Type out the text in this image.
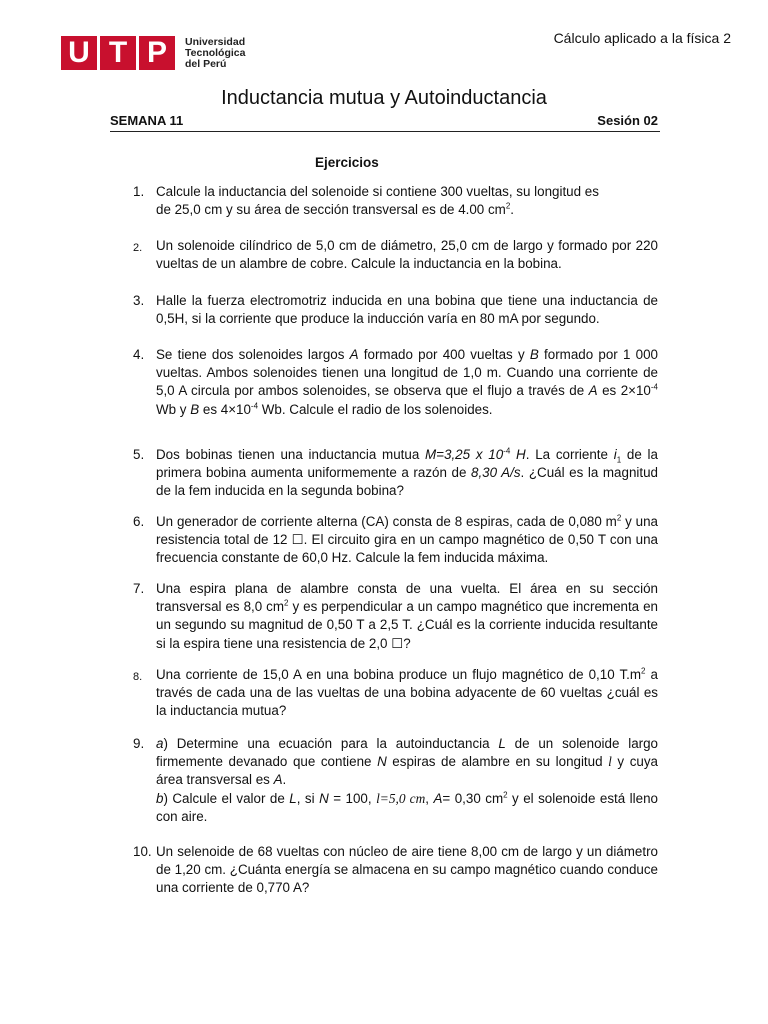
U T P	Universidad
Tecnológica
del Perú
Cálculo aplicado a la física 2
Inductancia mutua y Autoinductancia
SEMANA 11	Sesión 02
Ejercicios
1. Calcule la inductancia del solenoide si contiene 300 vueltas, su longitud es

de 25,0 cm y su área de sección transversal es de 4.00 $cm^2$.

2.	Un solenoide cilíndrico de 5,0 cm de diámetro, 25,0 cm de largo y formado por 220 vueltas de un alambre de cobre. Calcule la inductancia en la bobina.
3. Halle la fuerza electromotriz inducida en una bobina que tiene una inductancia de 0,5H, si la corriente que produce la inducción varía en 80 mA por segundo.
4. Se tiene dos solenoides largos A formado por 400 vueltas y B formado por 1 000 vueltas. Ambos solenoides tienen una longitud de 1,0 m. Cuando una corriente de 5,0 A circula por ambos solenoides, se observa que el flujo a través de A es $2\times 10^{-4}$ Wb y B es $4\times 10^{-4}$ Wb. Calcule el radio de los solenoides.
5. Dos bobinas tienen una inductancia mutua M=3,25 x $10^{-4}$ H. La corriente $i_1$ de la primera bobina aumenta uniformemente a razón de 8,30 A/s. ¿Cuál es la magnitud de la fem inducida en la segunda bobina?
6. Un generador de corriente alterna (CA) consta de 8 espiras, cada de 0,080 $m^2$ y una resistencia total de 12 ☐. El circuito gira en un campo magnético de 0,50 T con una frecuencia constante de 60,0 Hz. Calcule la fem inducida máxima.
7. Una espira plana de alambre consta de una vuelta. El área en su sección transversal es 8,0 $cm^2$ y es perpendicular a un campo magnético que incrementa en un segundo su magnitud de 0,50 T a 2,5 T. ¿Cuál es la corriente inducida resultante si la espira tiene una resistencia de 2,0 ☐?
8.	Una corriente de 15,0 A en una bobina produce un flujo magnético de 0,10 $T.m^2$ a través de cada una de las vueltas de una bobina adyacente de 60 vueltas ¿cuál es la inductancia mutua?
9. a) Determine una ecuación para la autoinductancia L de un solenoide largo firmemente devanado que contiene N espiras de alambre en su longitud l y cuya área transversal es A.

b) Calcule el valor de L, si N = 100, l=5,0 cm, A= 0,30 $cm^2$ y el solenoide está lleno con aire.

10. Un selenoide de 68 vueltas con núcleo de aire tiene 8,00 cm de largo y un diámetro de 1,20 cm. ¿Cuánta energía se almacena en su campo magnético cuando conduce una corriente de 0,770 A?
